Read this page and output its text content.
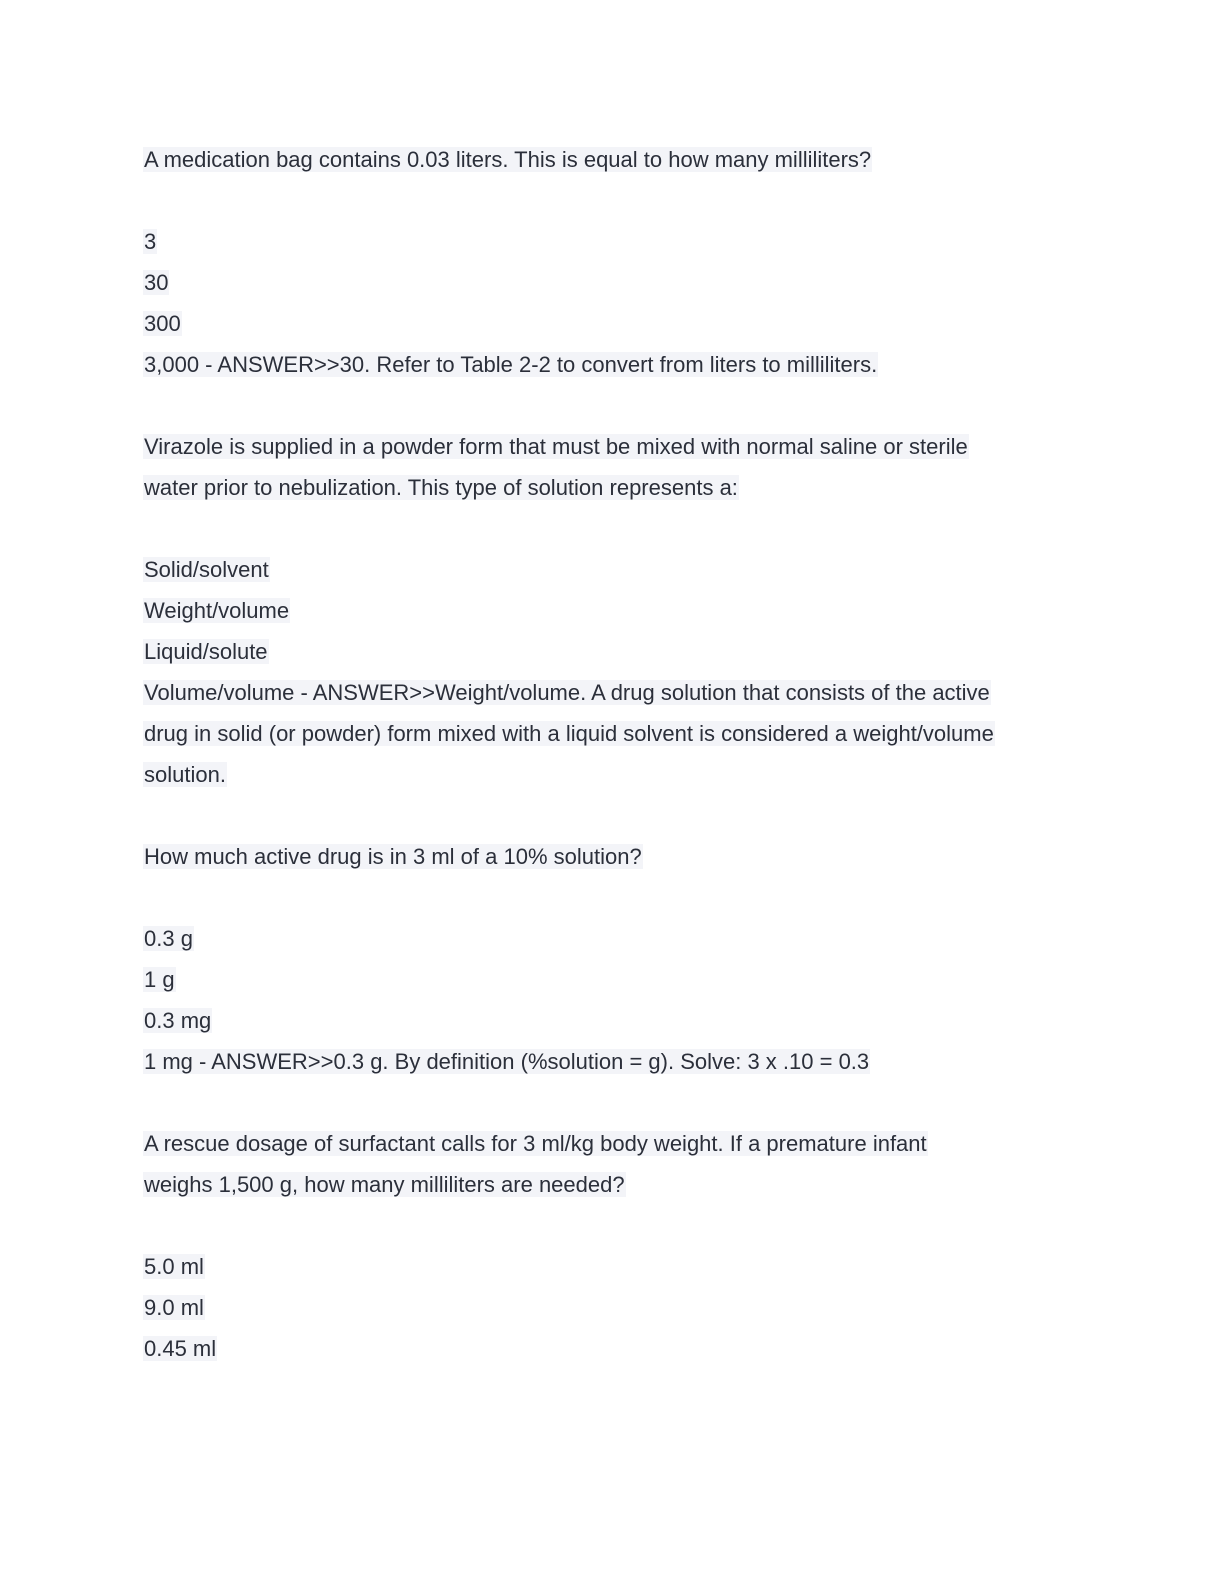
A medication bag contains 0.03 liters. This is equal to how many milliliters?
3
30
300
3,000 - ANSWER>>30. Refer to Table 2-2 to convert from liters to milliliters.
Virazole is supplied in a powder form that must be mixed with normal saline or sterile
water prior to nebulization. This type of solution represents a:
Solid/solvent
Weight/volume
Liquid/solute
Volume/volume - ANSWER>>Weight/volume. A drug solution that consists of the active
drug in solid (or powder) form mixed with a liquid solvent is considered a weight/volume
solution.
How much active drug is in 3 ml of a 10% solution?
0.3 g
1 g
0.3 mg
1 mg - ANSWER>>0.3 g. By definition (%solution = g). Solve: 3 x .10 = 0.3
A rescue dosage of surfactant calls for 3 ml/kg body weight. If a premature infant
weighs 1,500 g, how many milliliters are needed?
5.0 ml
9.0 ml
0.45 ml
